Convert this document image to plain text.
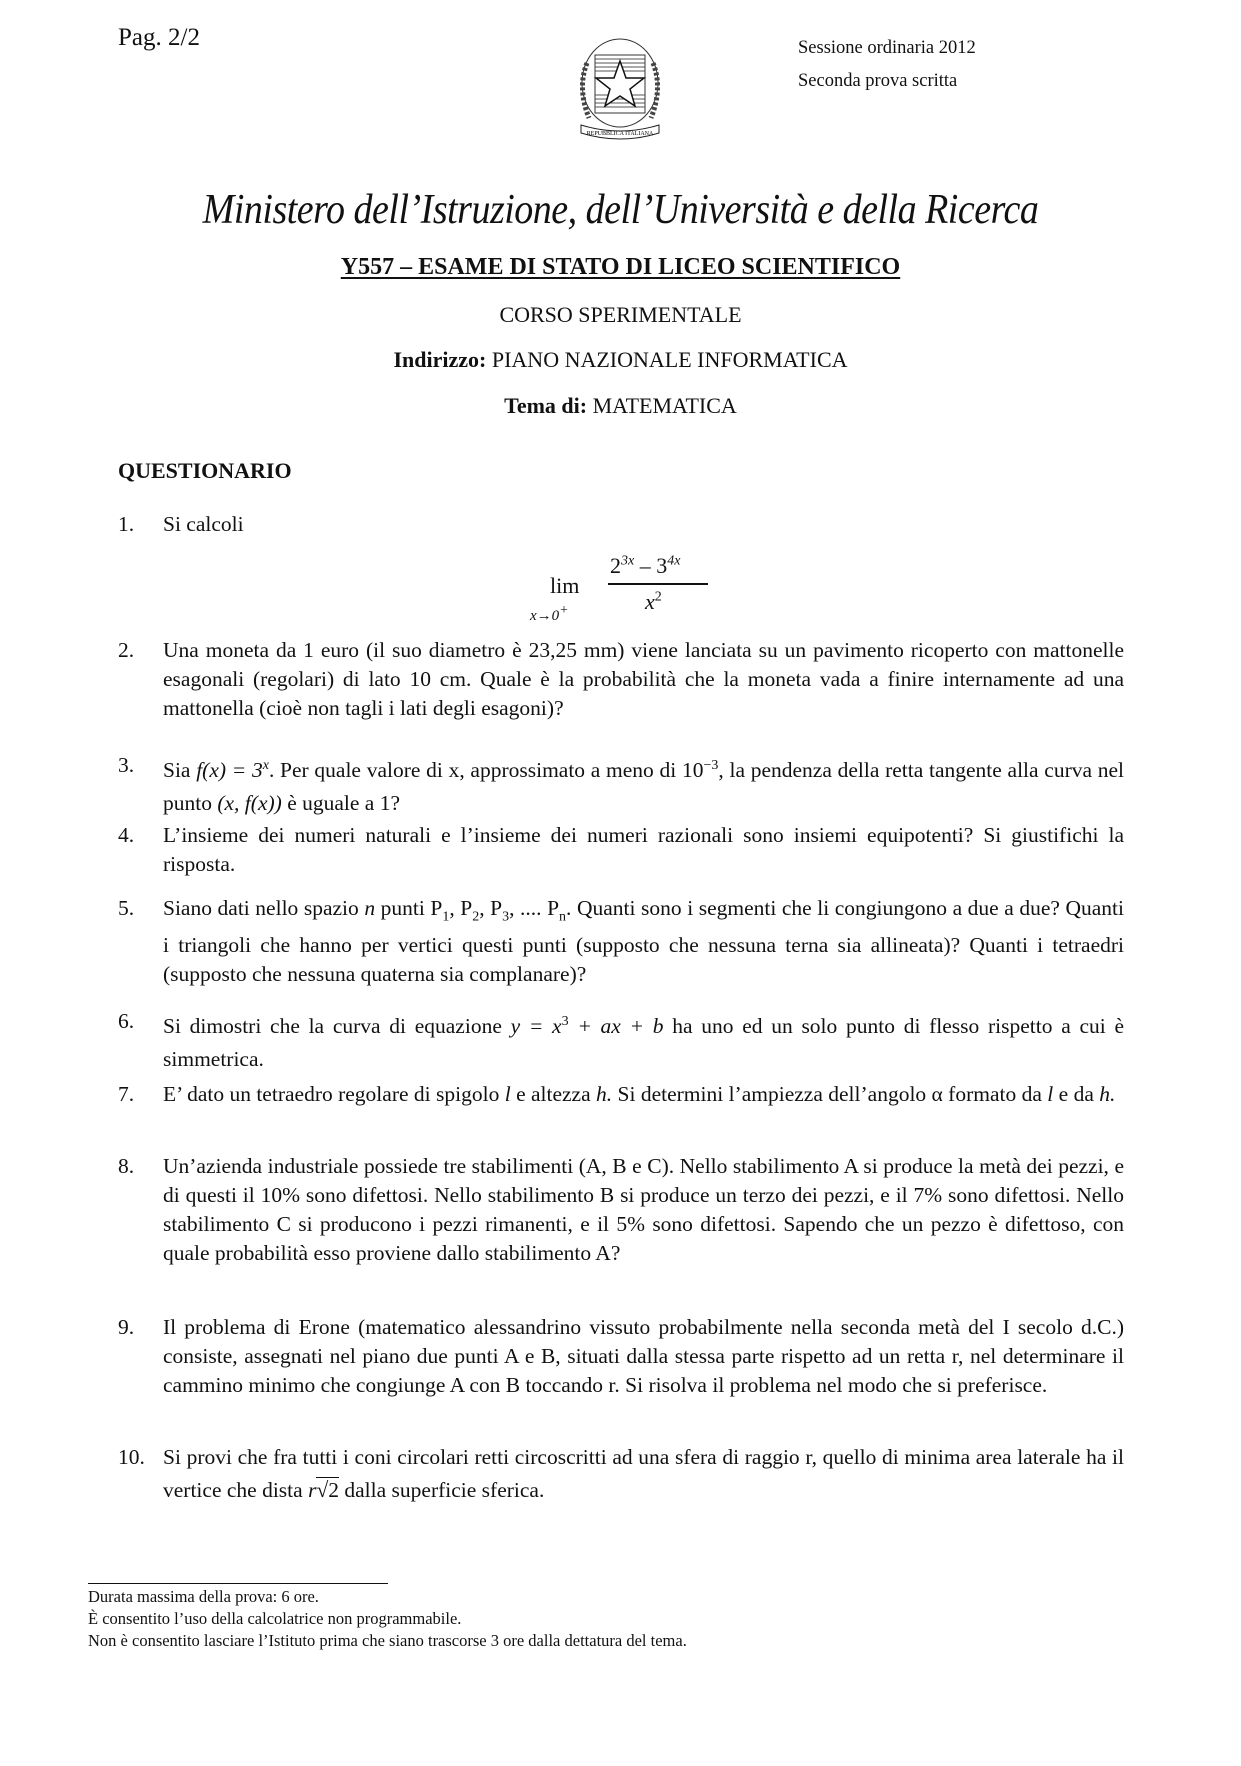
Pag. 2/2
REPUBBLICA ITALIANA
Sessione ordinaria 2012
Seconda prova scritta
Ministero dell’Istruzione, dell’Università e della Ricerca
Y557 – ESAME DI STATO DI LICEO SCIENTIFICO
CORSO SPERIMENTALE
Indirizzo: PIANO NAZIONALE INFORMATICA
Tema di: MATEMATICA
QUESTIONARIO
1.	Si calcoli
lim
x→0+
$2^{3x} - 3^{4x}$
$x^2$
2.	Una moneta da 1 euro (il suo diametro è 23,25 mm) viene lanciata su un pavimento ricoperto con mattonelle esagonali (regolari) di lato 10 cm. Quale è la probabilità che la moneta vada a finire internamente ad una mattonella (cioè non tagli i lati degli esagoni)?
3.	Sia $f(x) = 3^x$. Per quale valore di x, approssimato a meno di $10^{-3}$, la pendenza della retta tangente alla curva nel punto (x, f(x)) è uguale a 1?
4.	L’insieme dei numeri naturali e l’insieme dei numeri razionali sono insiemi equipotenti? Si giustifichi la risposta.
5.	Siano dati nello spazio n punti $P_1$, $P_2$, $P_3$, .... $P_n$. Quanti sono i segmenti che li congiungono a due a due? Quanti i triangoli che hanno per vertici questi punti (supposto che nessuna terna sia allineata)? Quanti i tetraedri (supposto che nessuna quaterna sia complanare)?
6.	Si dimostri che la curva di equazione $y = x^3$ + ax + b ha uno ed un solo punto di flesso rispetto a cui è simmetrica.
7.	E’ dato un tetraedro regolare di spigolo l e altezza h. Si determini l’ampiezza dell’angolo α formato da l e da h.
8.	Un’azienda industriale possiede tre stabilimenti (A, B e C). Nello stabilimento A si produce la metà dei pezzi, e di questi il 10% sono difettosi. Nello stabilimento B si produce un terzo dei pezzi, e il 7% sono difettosi. Nello stabilimento C si producono i pezzi rimanenti, e il 5% sono difettosi. Sapendo che un pezzo è difettoso, con quale probabilità esso proviene dallo stabilimento A?
9.	Il problema di Erone (matematico alessandrino vissuto probabilmente nella seconda metà del I secolo d.C.) consiste, assegnati nel piano due punti A e B, situati dalla stessa parte rispetto ad un retta r, nel determinare il cammino minimo che congiunge A con B toccando r. Si risolva il problema nel modo che si preferisce.
10. Si provi che fra tutti i coni circolari retti circoscritti ad una sfera di raggio r, quello di minima area laterale ha il vertice che dista r√2 dalla superficie sferica.
Durata massima della prova: 6 ore.
È consentito l’uso della calcolatrice non programmabile.
Non è consentito lasciare l’Istituto prima che siano trascorse 3 ore dalla dettatura del tema.
